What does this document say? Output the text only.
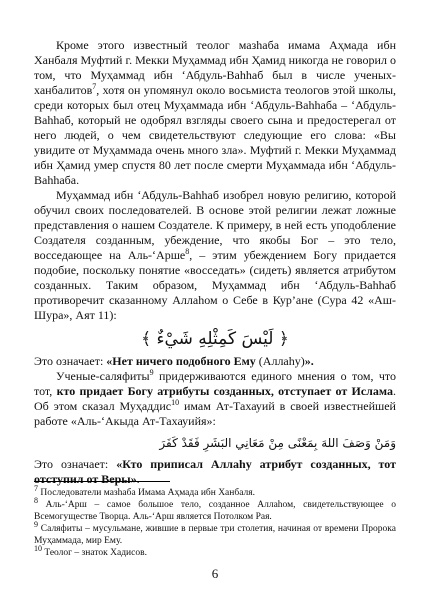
Кроме этого известный теолог мазһаба имама Аҳмада ибн Ханбаля Муфтий г. Мекки Муҳаммад ибн Ҳамид никогда не говорил о том, что Муҳаммад ибн ‘Абдуль-Ваһһаб был в числе ученых-ханбалитов$^7$, хотя он упомянул около восьмиста теологов этой школы, среди которых был отец Муҳаммада ибн ‘Абдуль-Ваһһаба – ‘Абдуль-Ваһһаб, который не одобрял взгляды своего сына и предостерегал от него людей, о чем свидетельствуют следующие его слова: «Вы увидите от Муҳаммада очень много зла». Муфтий г. Мекки Муҳаммад ибн Ҳамид умер спустя 80 лет после смерти Муҳаммада ибн ‘Абдуль-Ваһһаба.

Муҳаммад ибн ‘Абдуль-Ваһһаб изобрел новую религию, которой обучил своих последователей. В основе этой религии лежат ложные представления о нашем Создателе. К примеру, в ней есть уподобление Создателя созданным, убеждение, что якобы Бог – это тело, восседающее на Аль-‘Арше$^8$, – этим убеждением Богу придается подобие, поскольку понятие «восседать» (сидеть) является атрибутом созданных. Таким образом, Муҳаммад ибн ‘Абдуль-Ваһһаб противоречит сказанному Аллаһом о Себе в Кур’ане (Сура 42 «Аш-Шура», Аят 11):

﴿ لَيْسَ كَمِثْلِهِ شَيْءٌ ﴾

Это означает: «Нет ничего подобного Ему (Аллаһу)».

Ученые-саляфиты$^9$ придерживаются единого мнения о том, что тот, кто придает Богу атрибуты созданных, отступает от Ислама. Об этом сказал Муҳаддис$^{10}$ имам Ат-Тахауий в своей известнейшей работе «Аль-‘Акыда Ат-Тахауийя»:

وَمَنْ وَصَفَ اللهَ بِمَعْنًى مِنْ مَعَانِي البَشَرِ فَقَدْ كَفَرَ

Это означает: «Кто приписал Аллаһу атрибут созданных, тот отступил от Веры».

$^7$ Последователи мазһаба Имама Аҳмада ибн Ханбаля.

$^8$ Аль-‘Арш – самое большое тело, созданное Аллаһом, свидетельствующее о Всемогуществе Творца. Аль-‘Арш является Потолком Рая.

$^9$ Саляфиты – мусульмане, жившие в первые три столетия, начиная от времени Пророка Муҳаммада, мир Ему.

$^{10}$ Теолог – знаток Хадисов.

6
